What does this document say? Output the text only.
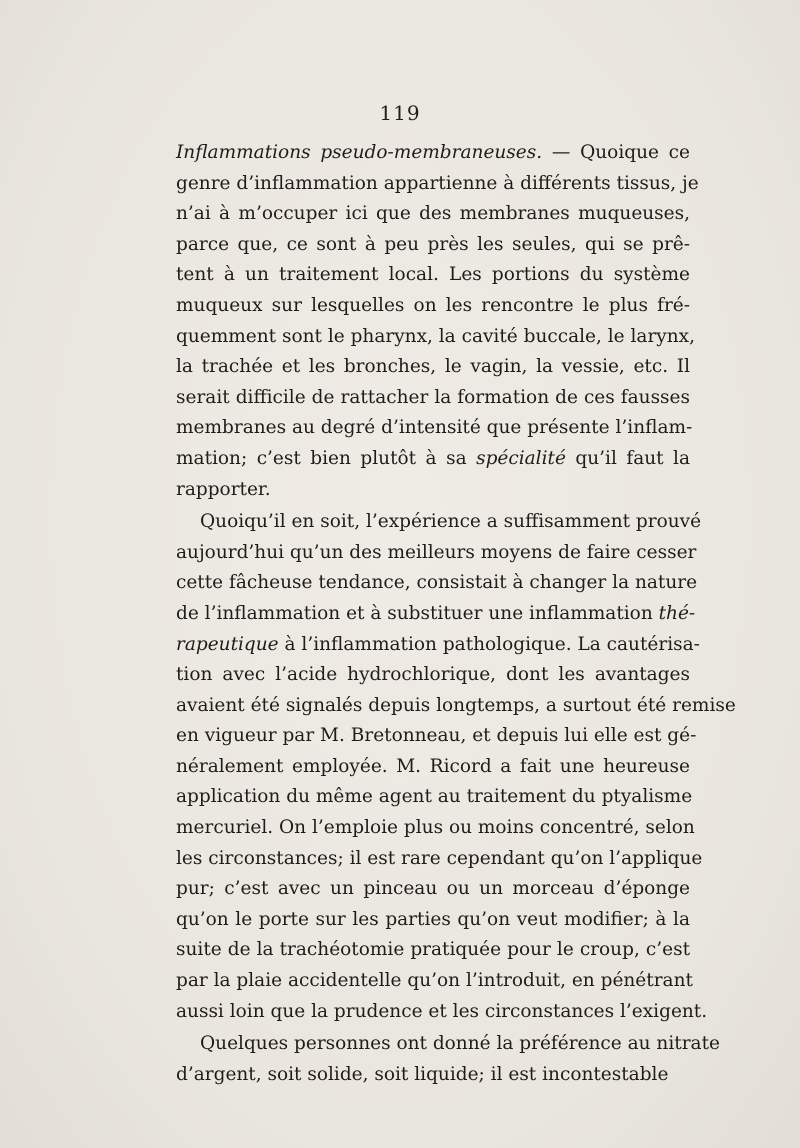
119
Inflammations pseudo-membraneuses. — Quoique ce
genre d’inflammation appartienne à différents tissus, je
n’ai à m’occuper ici que des membranes muqueuses,
parce que, ce sont à peu près les seules, qui se prê-
tent à un traitement local. Les portions du système
muqueux sur lesquelles on les rencontre le plus fré-
quemment sont le pharynx, la cavité buccale, le larynx,
la trachée et les bronches, le vagin, la vessie, etc. Il
serait difficile de rattacher la formation de ces fausses
membranes au degré d’intensité que présente l’inflam-
mation; c’est bien plutôt à sa spécialité qu’il faut la
rapporter.
Quoiqu’il en soit, l’expérience a suffisamment prouvé
aujourd’hui qu’un des meilleurs moyens de faire cesser
cette fâcheuse tendance, consistait à changer la nature
de l’inflammation et à substituer une inflammation thé-
rapeutique à l’inflammation pathologique. La cautérisa-
tion avec l’acide hydrochlorique, dont les avantages
avaient été signalés depuis longtemps, a surtout été remise
en vigueur par M. Bretonneau, et depuis lui elle est gé-
néralement employée. M. Ricord a fait une heureuse
application du même agent au traitement du ptyalisme
mercuriel. On l’emploie plus ou moins concentré, selon
les circonstances; il est rare cependant qu’on l’applique
pur; c’est avec un pinceau ou un morceau d’éponge
qu’on le porte sur les parties qu’on veut modifier; à la
suite de la trachéotomie pratiquée pour le croup, c’est
par la plaie accidentelle qu’on l’introduit, en pénétrant
aussi loin que la prudence et les circonstances l’exigent.
Quelques personnes ont donné la préférence au nitrate
d’argent, soit solide, soit liquide; il est incontestable
